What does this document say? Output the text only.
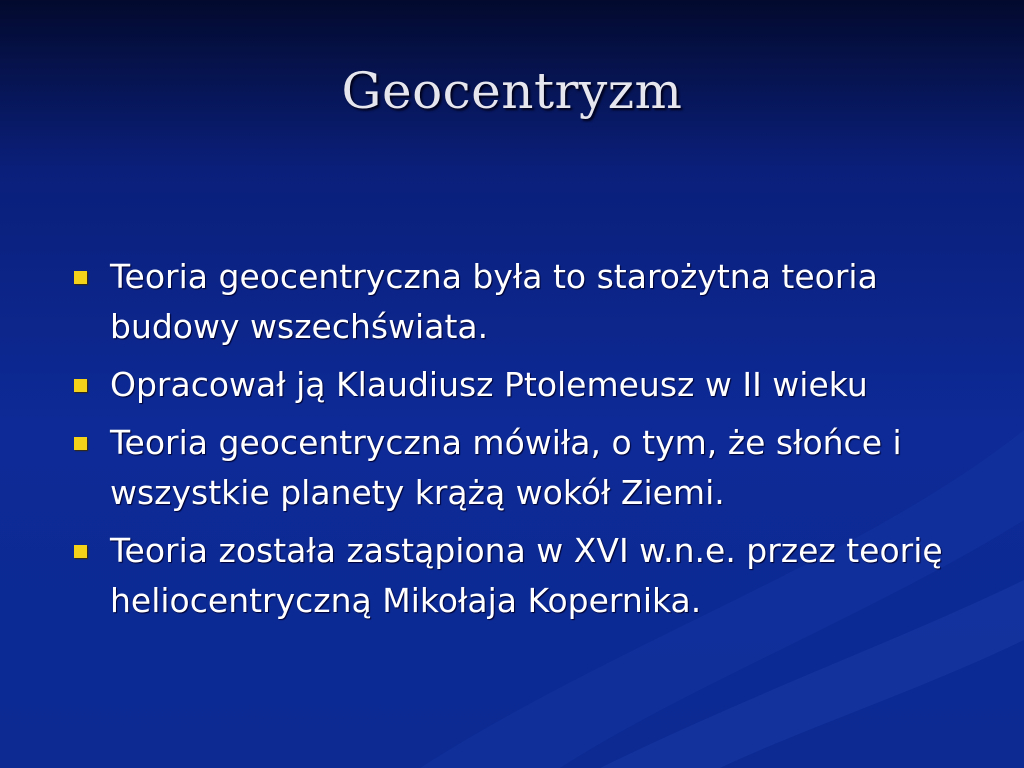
Geocentryzm
Teoria geocentryczna była to starożytna teoria budowy wszechświata.
Opracował ją Klaudiusz Ptolemeusz w II wieku
Teoria geocentryczna mówiła, o tym, że słońce i wszystkie planety krążą wokół Ziemi.
Teoria została zastąpiona w XVI w.n.e. przez teorię heliocentryczną Mikołaja Kopernika.
